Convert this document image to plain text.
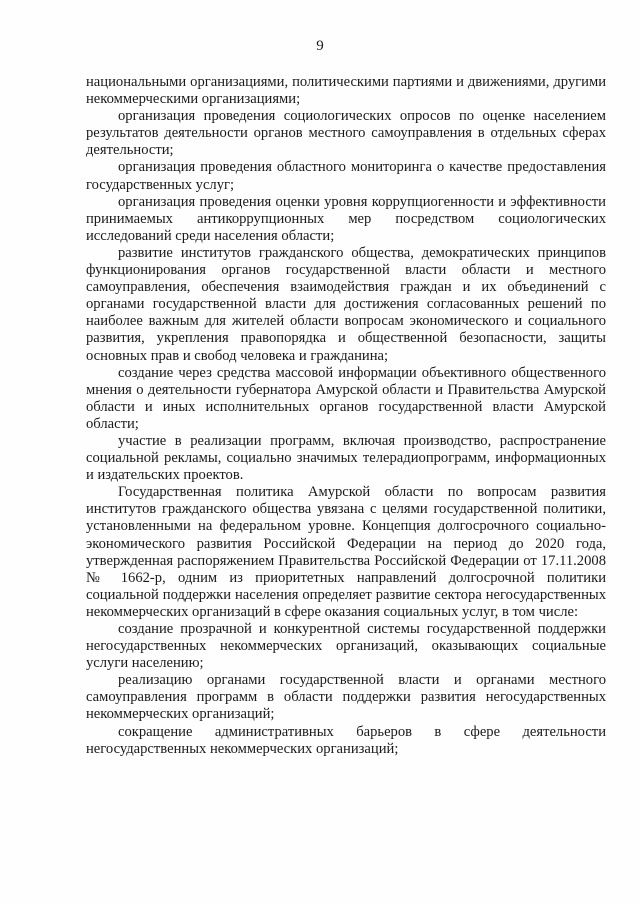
9

национальными организациями, политическими партиями и движениями, другими некоммерческими организациями;

организация проведения социологических опросов по оценке населением результатов деятельности органов местного самоуправления в отдельных сферах деятельности;

организация проведения областного мониторинга о качестве предоставления государственных услуг;

организация проведения оценки уровня коррупциогенности и эффективности принимаемых антикоррупционных мер посредством социологических исследований среди населения области;

развитие институтов гражданского общества, демократических принципов функционирования органов государственной власти области и местного самоуправления, обеспечения взаимодействия граждан и их объединений с органами государственной власти для достижения согласованных решений по наиболее важным для жителей области вопросам экономического и социального развития, укрепления правопорядка и общественной безопасности, защиты основных прав и свобод человека и гражданина;

создание через средства массовой информации объективного общественного мнения о деятельности губернатора Амурской области и Правительства Амурской области и иных исполнительных органов государственной власти Амурской области;

участие в реализации программ, включая производство, распространение социальной рекламы, социально значимых телерадиопрограмм, информационных и издательских проектов.

Государственная политика Амурской области по вопросам развития институтов гражданского общества увязана с целями государственной политики, установленными на федеральном уровне. Концепция долгосрочного социально-экономического развития Российской Федерации на период до 2020 года, утвержденная распоряжением Правительства Российской Федерации от 17.11.2008 № 1662-р, одним из приоритетных направлений долгосрочной политики социальной поддержки населения определяет развитие сектора негосударственных некоммерческих организаций в сфере оказания социальных услуг, в том числе:

создание прозрачной и конкурентной системы государственной поддержки негосударственных некоммерческих организаций, оказывающих социальные услуги населению;

реализацию органами государственной власти и органами местного самоуправления программ в области поддержки развития негосударственных некоммерческих организаций;

сокращение административных барьеров в сфере деятельности негосударственных некоммерческих организаций;
